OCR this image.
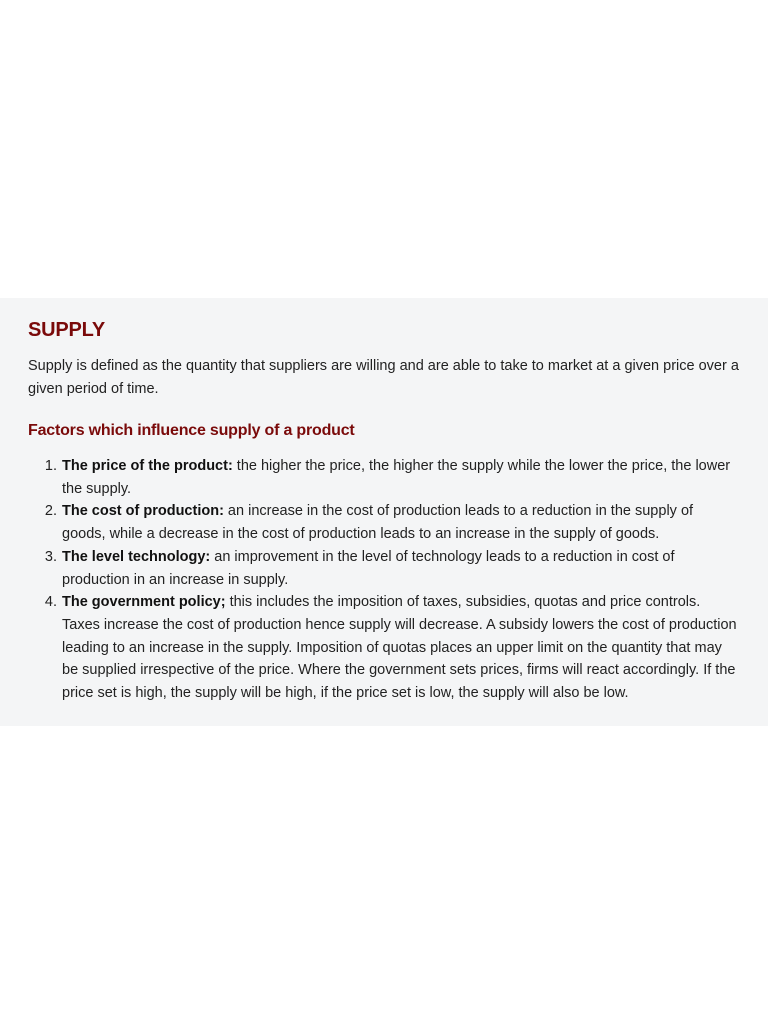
SUPPLY

Supply is defined as the quantity that suppliers are willing and are able to take to market at a given price over a given period of time.

Factors which influence supply of a product
1. The price of the product: the higher the price, the higher the supply while the lower the price, the lower the supply.
2. The cost of production: an increase in the cost of production leads to a reduction in the supply of goods, while a decrease in the cost of production leads to an increase in the supply of goods.
3. The level technology: an improvement in the level of technology leads to a reduction in cost of production in an increase in supply.
4. The government policy; this includes the imposition of taxes, subsidies, quotas and price controls. Taxes increase the cost of production hence supply will decrease. A subsidy lowers the cost of production leading to an increase in the supply. Imposition of quotas places an upper limit on the quantity that may be supplied irrespective of the price. Where the government sets prices, firms will react accordingly. If the price set is high, the supply will be high, if the price set is low, the supply will also be low.
